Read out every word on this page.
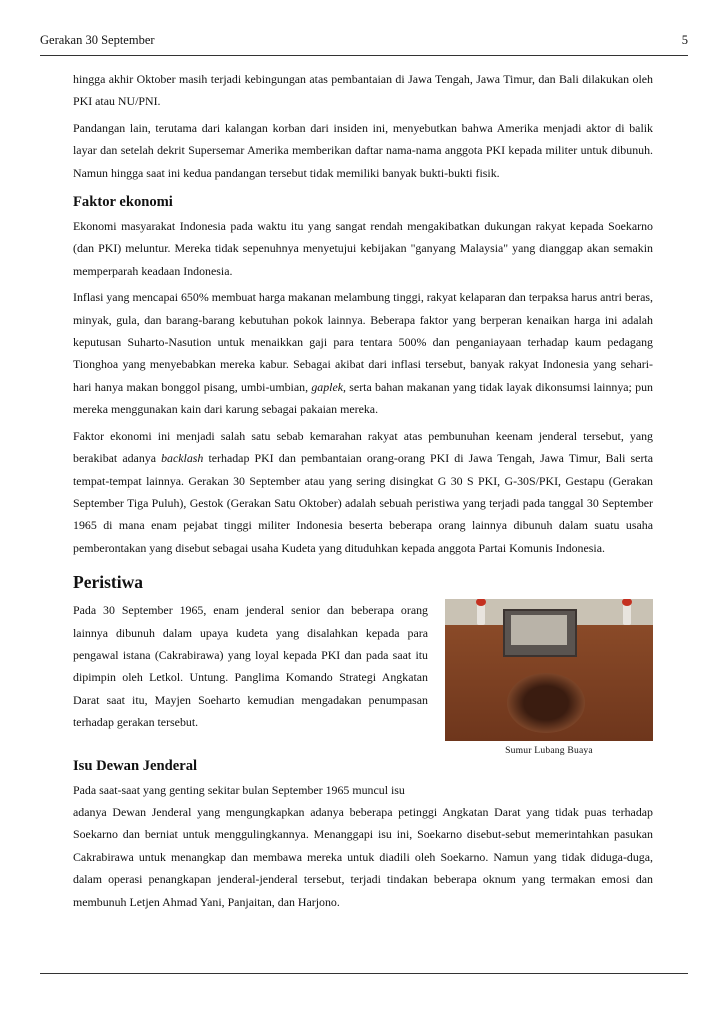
Gerakan 30 September	5

hingga akhir Oktober masih terjadi kebingungan atas pembantaian di Jawa Tengah, Jawa Timur, dan Bali dilakukan oleh PKI atau NU/PNI.

Pandangan lain, terutama dari kalangan korban dari insiden ini, menyebutkan bahwa Amerika menjadi aktor di balik layar dan setelah dekrit Supersemar Amerika memberikan daftar nama-nama anggota PKI kepada militer untuk dibunuh. Namun hingga saat ini kedua pandangan tersebut tidak memiliki banyak bukti-bukti fisik.

Faktor ekonomi

Ekonomi masyarakat Indonesia pada waktu itu yang sangat rendah mengakibatkan dukungan rakyat kepada Soekarno (dan PKI) meluntur. Mereka tidak sepenuhnya menyetujui kebijakan "ganyang Malaysia" yang dianggap akan semakin memperparah keadaan Indonesia.

Inflasi yang mencapai 650% membuat harga makanan melambung tinggi, rakyat kelaparan dan terpaksa harus antri beras, minyak, gula, dan barang-barang kebutuhan pokok lainnya. Beberapa faktor yang berperan kenaikan harga ini adalah keputusan Suharto-Nasution untuk menaikkan gaji para tentara 500% dan penganiayaan terhadap kaum pedagang Tionghoa yang menyebabkan mereka kabur. Sebagai akibat dari inflasi tersebut, banyak rakyat Indonesia yang sehari-hari hanya makan bonggol pisang, umbi-umbian, gaplek, serta bahan makanan yang tidak layak dikonsumsi lainnya; pun mereka menggunakan kain dari karung sebagai pakaian mereka.

Faktor ekonomi ini menjadi salah satu sebab kemarahan rakyat atas pembunuhan keenam jenderal tersebut, yang berakibat adanya backlash terhadap PKI dan pembantaian orang-orang PKI di Jawa Tengah, Jawa Timur, Bali serta tempat-tempat lainnya. Gerakan 30 September atau yang sering disingkat G 30 S PKI, G-30S/PKI, Gestapu (Gerakan September Tiga Puluh), Gestok (Gerakan Satu Oktober) adalah sebuah peristiwa yang terjadi pada tanggal 30 September 1965 di mana enam pejabat tinggi militer Indonesia beserta beberapa orang lainnya dibunuh dalam suatu usaha pemberontakan yang disebut sebagai usaha Kudeta yang dituduhkan kepada anggota Partai Komunis Indonesia.

Peristiwa
Sumur Lubang Buaya

Pada 30 September 1965, enam jenderal senior dan beberapa orang lainnya dibunuh dalam upaya kudeta yang disalahkan kepada para pengawal istana (Cakrabirawa) yang loyal kepada PKI dan pada saat itu dipimpin oleh Letkol. Untung. Panglima Komando Strategi Angkatan Darat saat itu, Mayjen Soeharto kemudian mengadakan penumpasan terhadap gerakan tersebut.

Isu Dewan Jenderal

Pada saat-saat yang genting sekitar bulan September 1965 muncul isu

adanya Dewan Jenderal yang mengungkapkan adanya beberapa petinggi Angkatan Darat yang tidak puas terhadap Soekarno dan berniat untuk menggulingkannya. Menanggapi isu ini, Soekarno disebut-sebut memerintahkan pasukan Cakrabirawa untuk menangkap dan membawa mereka untuk diadili oleh Soekarno. Namun yang tidak diduga-duga, dalam operasi penangkapan jenderal-jenderal tersebut, terjadi tindakan beberapa oknum yang termakan emosi dan membunuh Letjen Ahmad Yani, Panjaitan, dan Harjono.
